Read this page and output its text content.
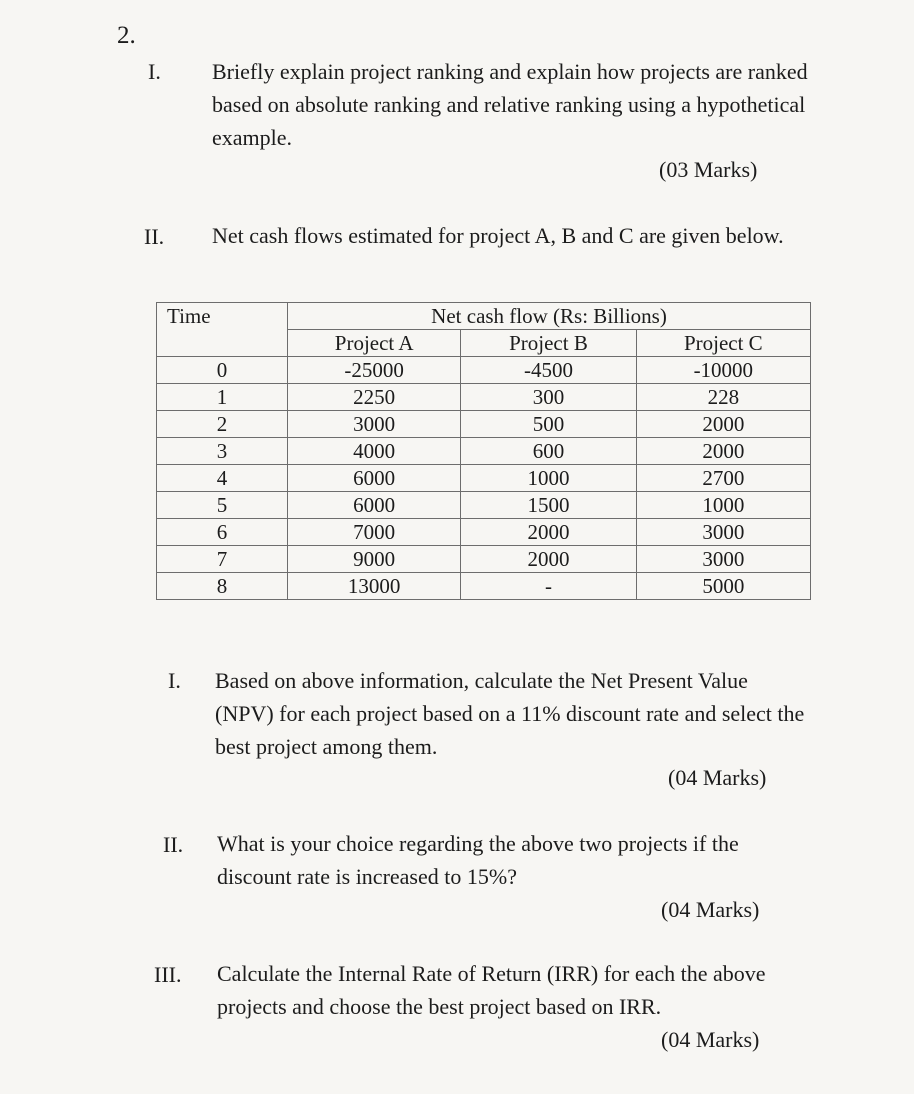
2.
I. Briefly explain project ranking and explain how projects are ranked
based on absolute ranking and relative ranking using a hypothetical
example.
(03 Marks)
II. Net cash flows estimated for project A, B and C are given below.
Time	Net cash flow (Rs: Billions)		
	Project A	Project B	Project C
0	-25000	-4500	-10000
1	2250	300	228
2	3000	500	2000
3	4000	600	2000
4	6000	1000	2700
5	6000	1500	1000
6	7000	2000	3000
7	9000	2000	3000
8	13000	-	5000
I. Based on above information, calculate the Net Present Value
(NPV) for each project based on a 11% discount rate and select the
best project among them.
(04 Marks)
II. What is your choice regarding the above two projects if the
discount rate is increased to 15%?
(04 Marks)
III. Calculate the Internal Rate of Return (IRR) for each the above
projects and choose the best project based on IRR.
(04 Marks)
